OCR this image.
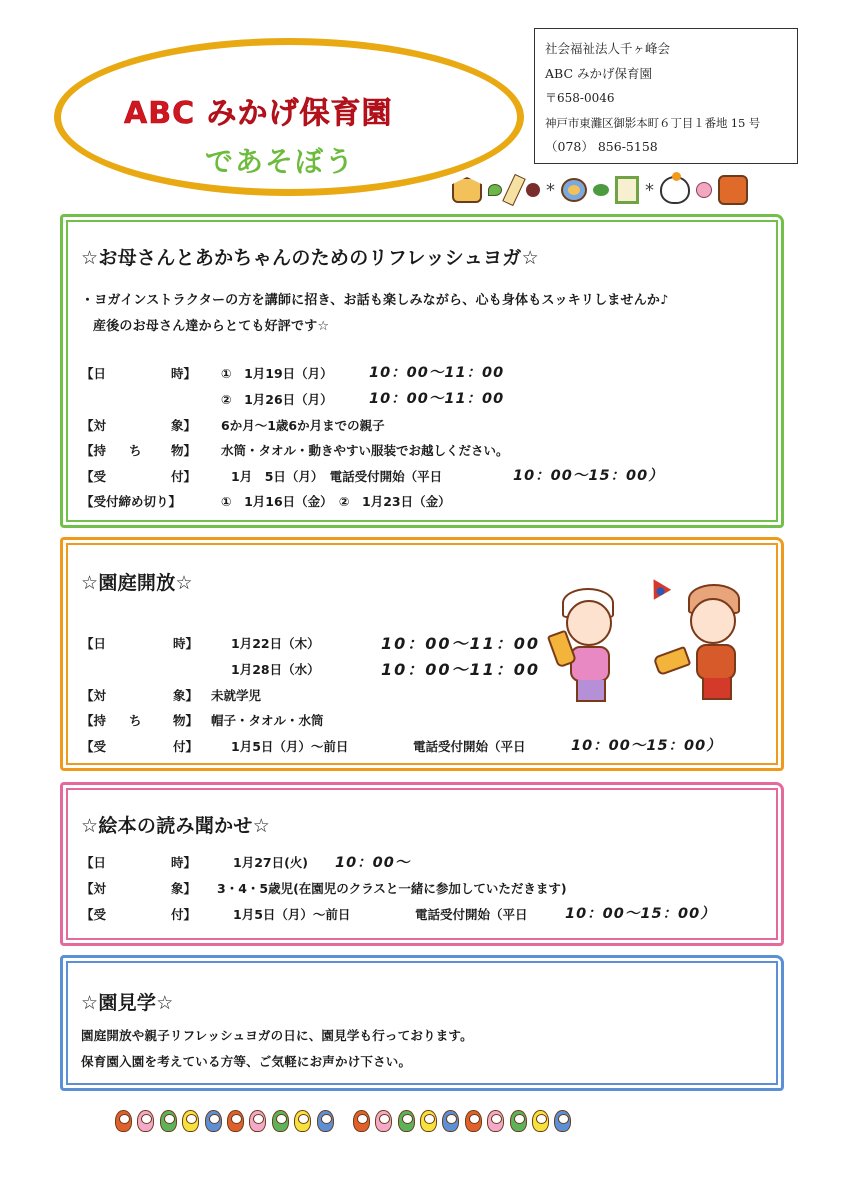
ABC みかげ保育園
であそぼう
社会福祉法人千ヶ峰会
ABC みかげ保育園
〒658-0046
神戸市東灘区御影本町６丁目１番地 15 号
（078） 856-5158
*	*
☆お母さんとあかちゃんのためのリフレッシュヨガ☆
・ヨガインストラクターの方を講師に招き、お話も楽しみながら、心も身体もスッキリしませんか♪
産後のお母さん達からとても好評です☆
【日	時】 ①　1月19日（月）	10：00～11：00
②　1月26日（月）	10：00～11：00
【対	象】 6か月～1歳6か月までの親子
【持 ち 物】 水筒・タオル・動きやすい服装でお越しください。
【受	付】	1月　5日（月）　電話受付開始（平日	10：00～15：00）
【受付締め切り】	①　1月16日（金）　②　1月23日（金）
☆園庭開放☆
【日	時】	1月22日（木）	10：00～11：00
1月28日（水）	10：00～11：00
【対	象】 未就学児
【持 ち	物】 帽子・タオル・水筒
【受	付】	1月5日（月）～前日	電話受付開始（平日	10：00～15：00）
☆絵本の読み聞かせ☆
【日	時】	1月27日(火) 10：00～
【対	象】 3・4・5歳児(在園児のクラスと一緒に参加していただきます)
【受	付】	1月5日（月）～前日	電話受付開始（平日	10：00～15：00）
☆園見学☆
園庭開放や親子リフレッシュヨガの日に、園見学も行っております。
保育園入園を考えている方等、ご気軽にお声かけ下さい。
